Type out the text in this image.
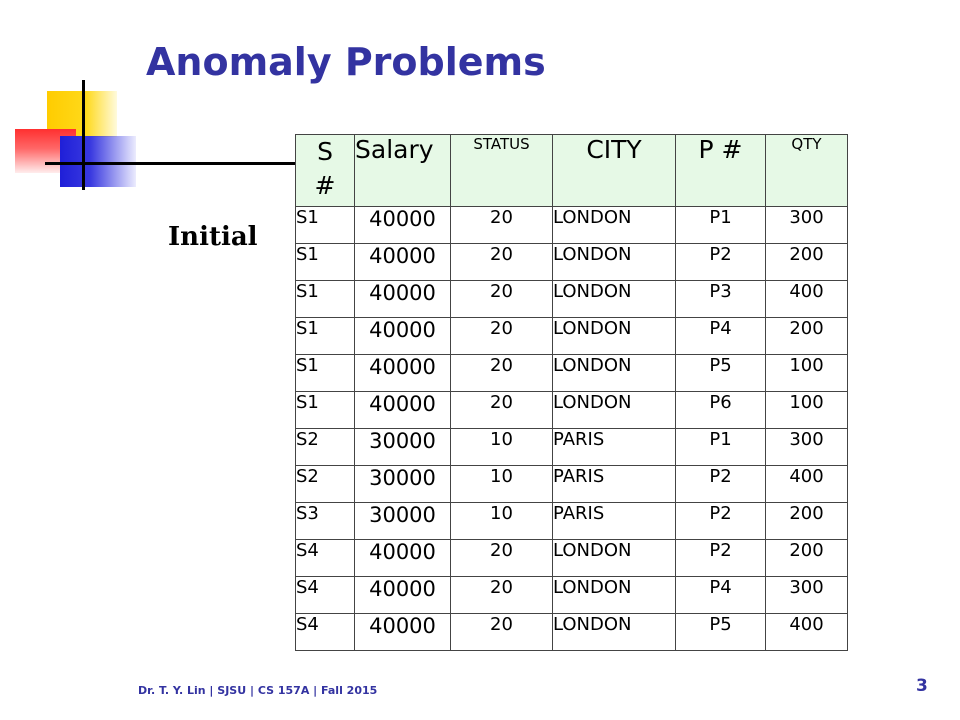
Anomaly Problems
Initial
S #	Salary	STATUS	CITY	P #	QTY
S1	40000	20	LONDON	P1	300
S1	40000	20	LONDON	P2	200
S1	40000	20	LONDON	P3	400
S1	40000	20	LONDON	P4	200
S1	40000	20	LONDON	P5	100
S1	40000	20	LONDON	P6	100
S2	30000	10	PARIS	P1	300
S2	30000	10	PARIS	P2	400
S3	30000	10	PARIS	P2	200
S4	40000	20	LONDON	P2	200
S4	40000	20	LONDON	P4	300
S4	40000	20	LONDON	P5	400
Dr. T. Y. Lin | SJSU | CS 157A | Fall 2015	3
